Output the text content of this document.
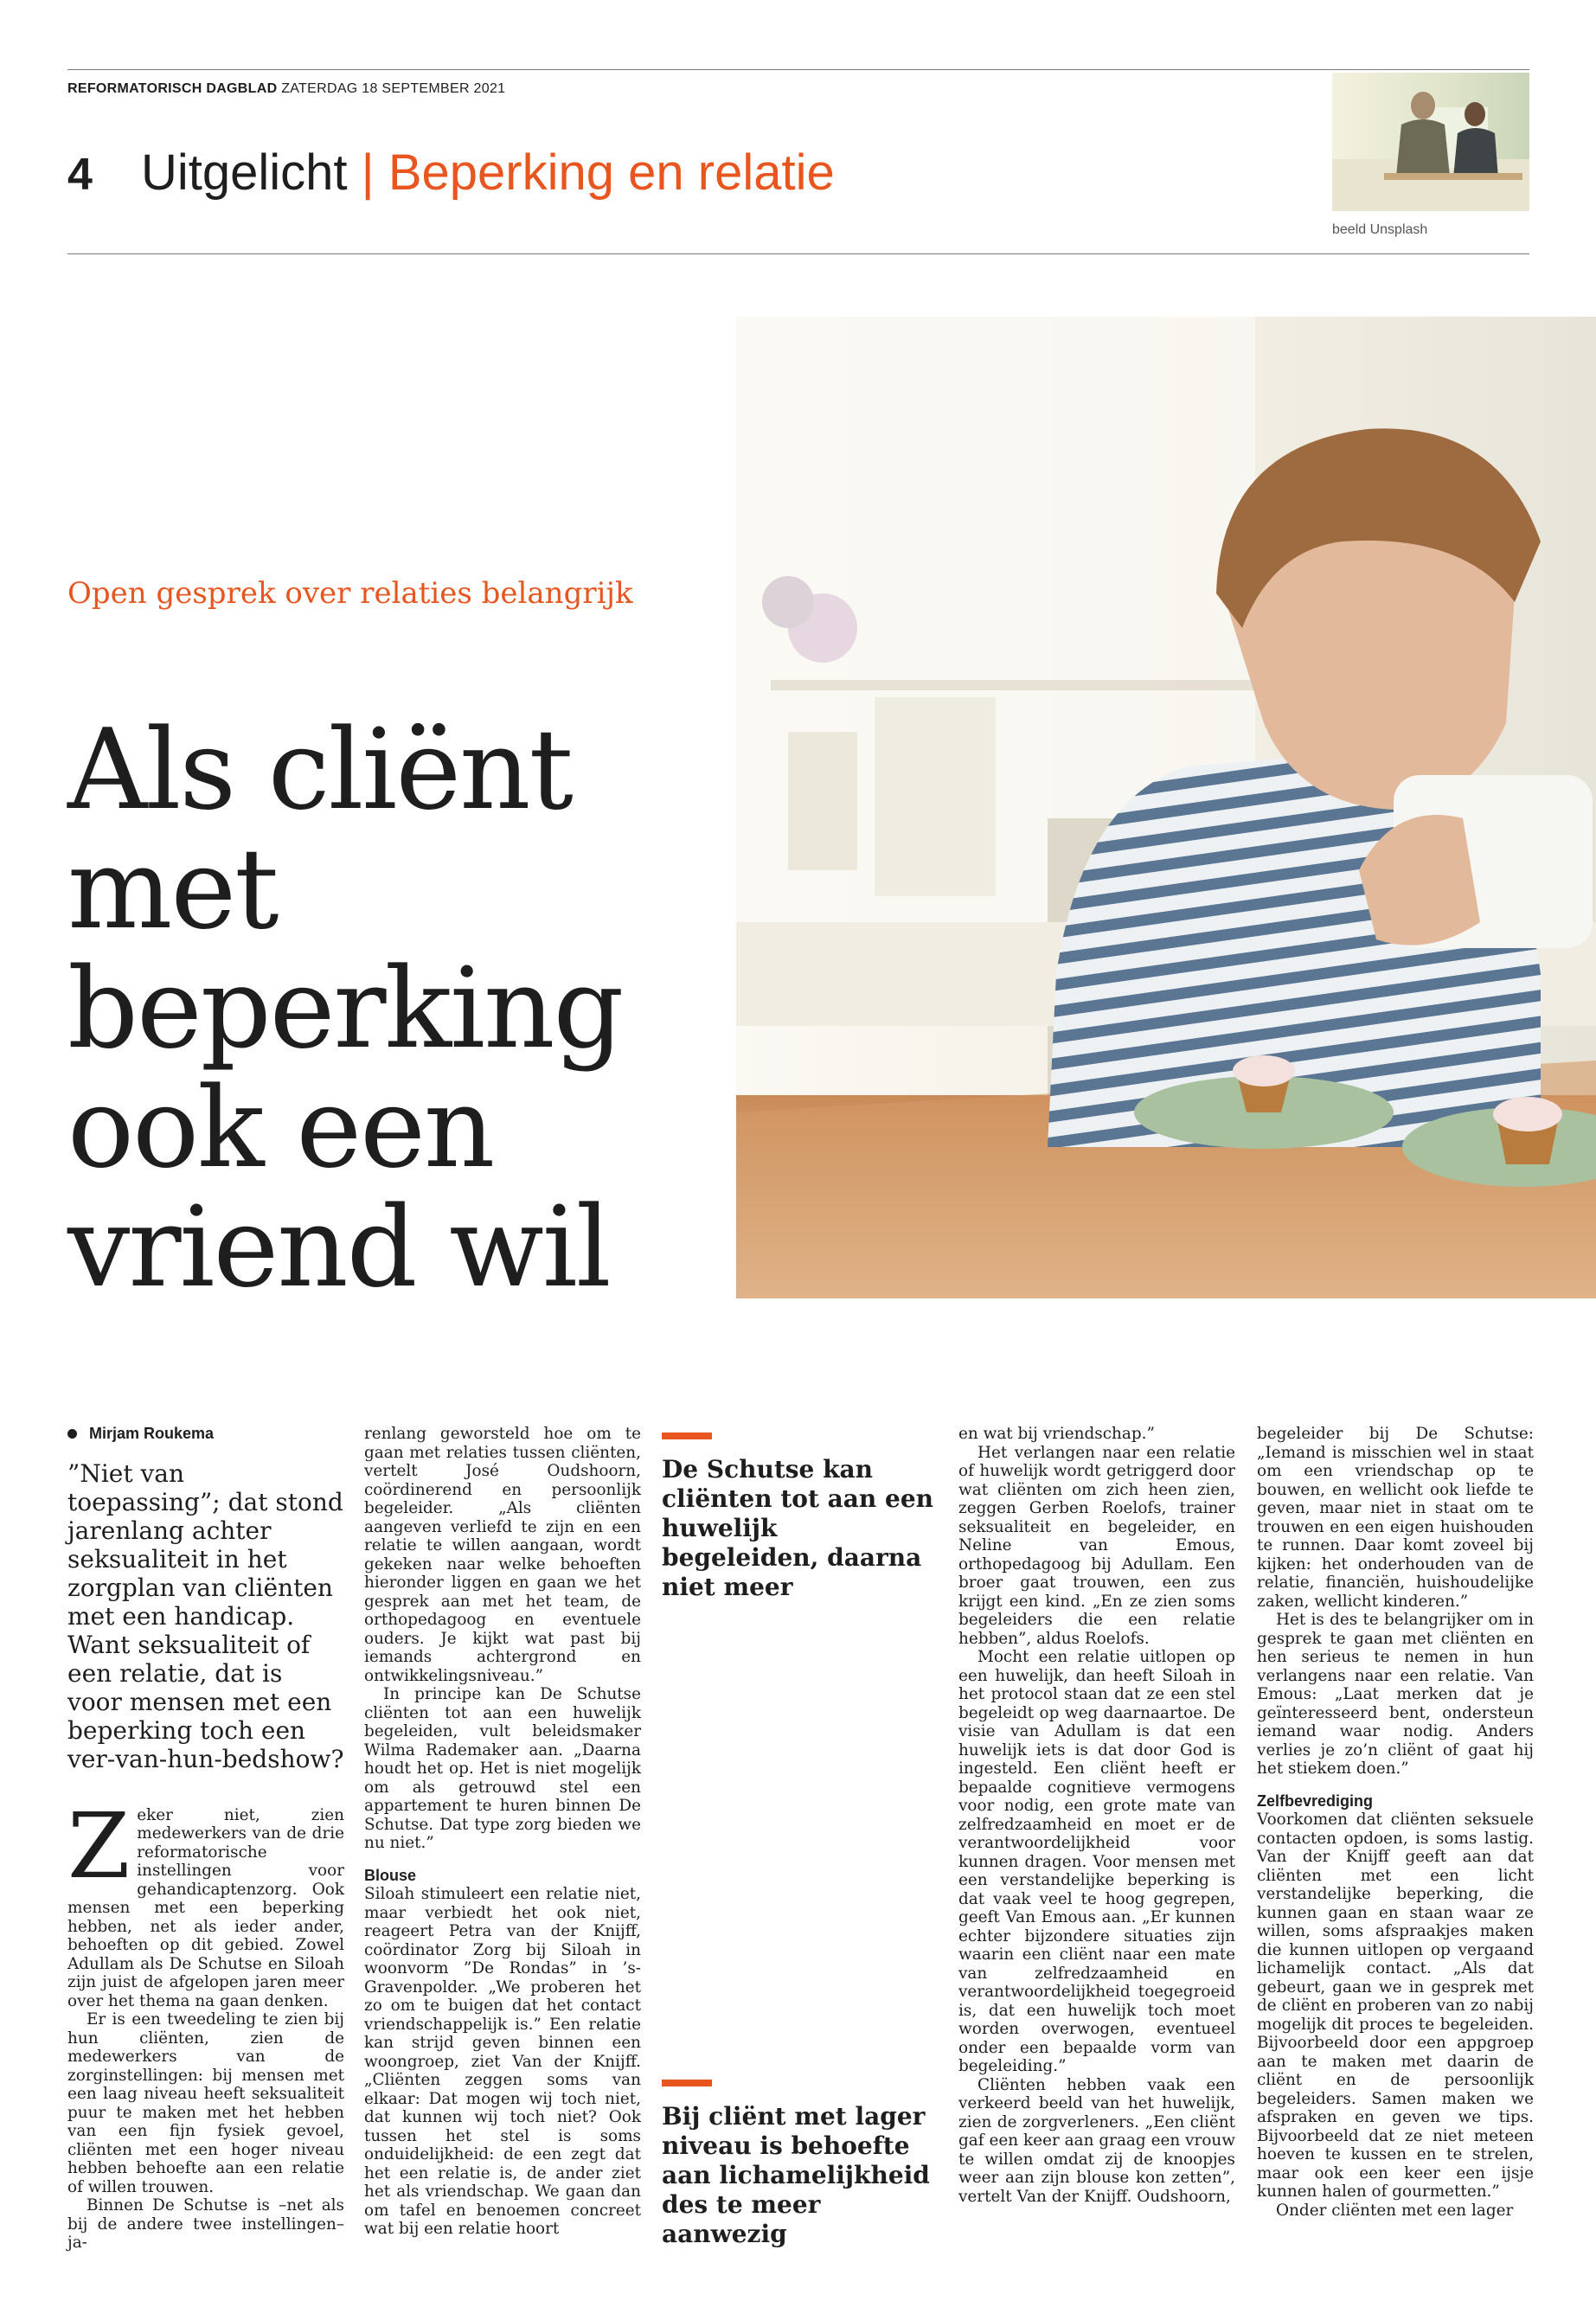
REFORMATORISCH DAGBLAD ZATERDAG 18 SEPTEMBER 2021
4 Uitgelicht | Beperking en relatie
beeld Unsplash
Open gesprek over relaties belangrijk
Als cliënt met beperking ook een vriend wil
Mirjam Roukema
”Niet van toepassing”; dat stond jarenlang achter seksualiteit in het zorgplan van cliënten met een handicap. Want seksualiteit of een relatie, dat is voor mensen met een beperking toch een ver-van-hun-bedshow?

Zeker niet, zien medewerkers van de drie reformatorische instellingen voor gehandicaptenzorg. Ook mensen met een beperking hebben, net als ieder ander, behoeften op dit gebied. Zowel Adullam als De Schutse en Siloah zijn juist de afgelopen jaren meer over het thema na gaan denken.

Er is een tweedeling te zien bij hun cliënten, zien de medewerkers van de zorginstellingen: bij mensen met een laag niveau heeft seksualiteit puur te maken met het hebben van een fijn fysiek gevoel, cliënten met een hoger niveau hebben behoefte aan een relatie of willen trouwen.

Binnen De Schutse is –net als bij de andere twee instellingen– ja-

renlang geworsteld hoe om te gaan met relaties tussen cliënten, vertelt José Oudshoorn, coördinerend en persoonlijk begeleider. „Als cliënten aangeven verliefd te zijn en een relatie te willen aangaan, wordt gekeken naar welke behoeften hieronder liggen en gaan we het gesprek aan met het team, de orthopedagoog en eventuele ouders. Je kijkt wat past bij iemands achtergrond en ontwikkelingsniveau.”

In principe kan De Schutse cliënten tot aan een huwelijk begeleiden, vult beleidsmaker Wilma Rademaker aan. „Daarna houdt het op. Het is niet mogelijk om als getrouwd stel een appartement te huren binnen De Schutse. Dat type zorg bieden we nu niet.”

Blouse

Siloah stimuleert een relatie niet, maar verbiedt het ook niet, reageert Petra van der Knijff, coördinator Zorg bij Siloah in woonvorm ”De Rondas” in ’s-Gravenpolder. „We proberen het zo om te buigen dat het contact vriendschappelijk is.” Een relatie kan strijd geven binnen een woongroep, ziet Van der Knijff. „Cliënten zeggen soms van elkaar: Dat mogen wij toch niet, dat kunnen wij toch niet? Ook tussen het stel is soms onduidelijkheid: de een zegt dat het een relatie is, de ander ziet het als vriendschap. We gaan dan om tafel en benoemen concreet wat bij een relatie hoort

De Schutse kan cliënten tot aan een huwelijk begeleiden, daarna niet meer
Bij cliënt met lager niveau is behoefte aan lichamelijkheid des te meer aanwezig

en wat bij vriendschap.”

Het verlangen naar een relatie of huwelijk wordt getriggerd door wat cliënten om zich heen zien, zeggen Gerben Roelofs, trainer seksualiteit en begeleider, en Neline van Emous, orthopedagoog bij Adullam. Een broer gaat trouwen, een zus krijgt een kind. „En ze zien soms begeleiders die een relatie hebben”, aldus Roelofs.

Mocht een relatie uitlopen op een huwelijk, dan heeft Siloah in het protocol staan dat ze een stel begeleidt op weg daarnaartoe. De visie van Adullam is dat een huwelijk iets is dat door God is ingesteld. Een cliënt heeft er bepaalde cognitieve vermogens voor nodig, een grote mate van zelfredzaamheid en moet er de verantwoordelijkheid voor kunnen dragen. Voor mensen met een verstandelijke beperking is dat vaak veel te hoog gegrepen, geeft Van Emous aan. „Er kunnen echter bijzondere situaties zijn waarin een cliënt naar een mate van zelfredzaamheid en verantwoordelijkheid toegegroeid is, dat een huwelijk toch moet worden overwogen, eventueel onder een bepaalde vorm van begeleiding.”

Cliënten hebben vaak een verkeerd beeld van het huwelijk, zien de zorgverleners. „Een cliënt gaf een keer aan graag een vrouw te willen omdat zij de knoopjes weer aan zijn blouse kon zetten”, vertelt Van der Knijff. Oudshoorn,

begeleider bij De Schutse: „Iemand is misschien wel in staat om een vriendschap op te bouwen, en wellicht ook liefde te geven, maar niet in staat om te trouwen en een eigen huishouden te runnen. Daar komt zoveel bij kijken: het onderhouden van de relatie, financiën, huishoudelijke zaken, wellicht kinderen.”

Het is des te belangrijker om in gesprek te gaan met cliënten en hen serieus te nemen in hun verlangens naar een relatie. Van Emous: „Laat merken dat je geïnteresseerd bent, ondersteun iemand waar nodig. Anders verlies je zo’n cliënt of gaat hij het stiekem doen.”

Zelfbevrediging

Voorkomen dat cliënten seksuele contacten opdoen, is soms lastig. Van der Knijff geeft aan dat cliënten met een licht verstandelijke beperking, die kunnen gaan en staan waar ze willen, soms afspraakjes maken die kunnen uitlopen op vergaand lichamelijk contact. „Als dat gebeurt, gaan we in gesprek met de cliënt en proberen van zo nabij mogelijk dit proces te begeleiden. Bijvoorbeeld door een appgroep aan te maken met daarin de cliënt en de persoonlijk begeleiders. Samen maken we afspraken en geven we tips. Bijvoorbeeld dat ze niet meteen hoeven te kussen en te strelen, maar ook een keer een ijsje kunnen halen of gourmetten.”

Onder cliënten met een lager
